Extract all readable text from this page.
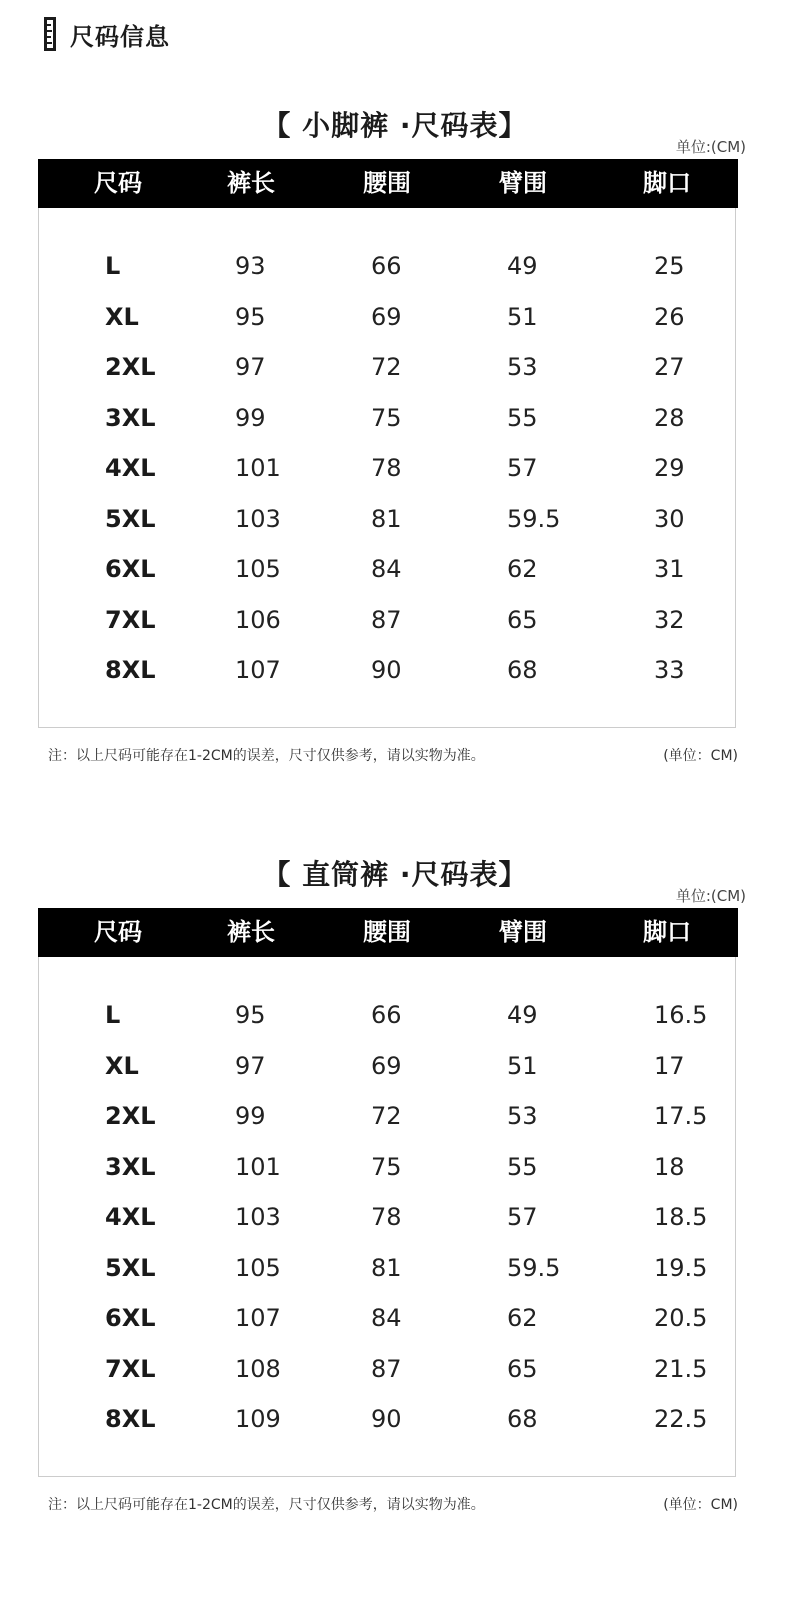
尺码信息
【 小脚裤 ·尺码表】
单位:(CM)
尺码	裤长	腰围	臂围	脚口
L	93	66	49	25
XL	95	69	51	26
2XL	97	72	53	27
3XL	99	75	55	28
4XL	101	78	57	29
5XL	103	81	59.5	30
6XL	105	84	62	31
7XL	106	87	65	32
8XL	107	90	68	33
注：以上尺码可能存在1-2CM的误差，尺寸仅供参考，请以实物为准。	(单位：CM)
【 直筒裤 ·尺码表】
单位:(CM)
尺码	裤长	腰围	臂围	脚口
L	95	66	49	16.5
XL	97	69	51	17
2XL	99	72	53	17.5
3XL	101	75	55	18
4XL	103	78	57	18.5
5XL	105	81	59.5	19.5
6XL	107	84	62	20.5
7XL	108	87	65	21.5
8XL	109	90	68	22.5
注：以上尺码可能存在1-2CM的误差，尺寸仅供参考，请以实物为准。	(单位：CM)
